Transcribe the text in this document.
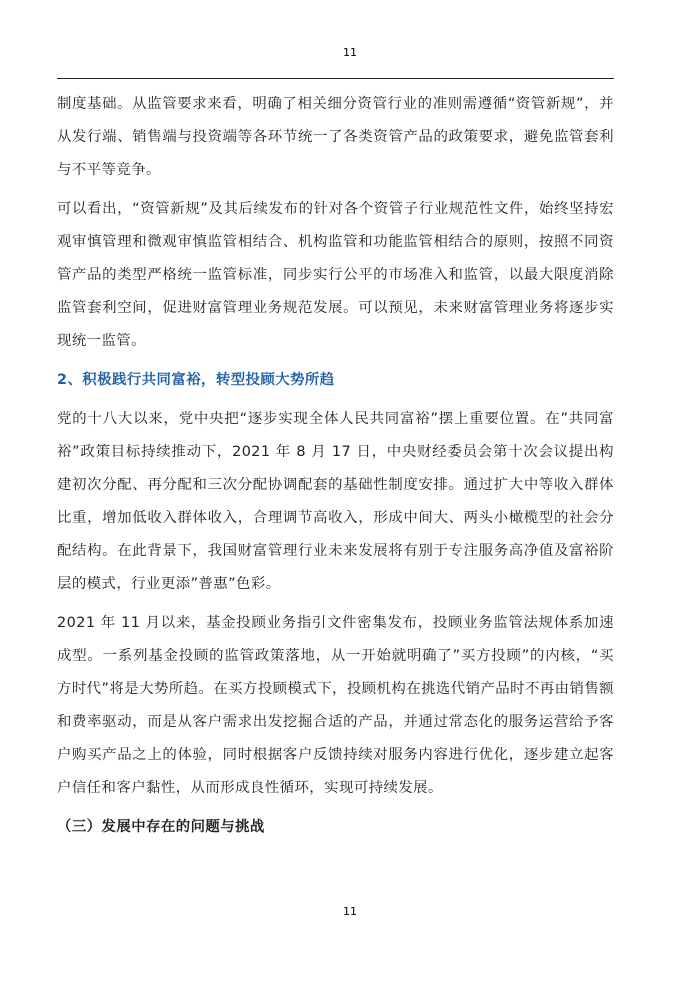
11

制度基础。从监管要求来看，明确了相关细分资管行业的准则需遵循“资管新规”，并从发行端、销售端与投资端等各环节统一了各类资管产品的政策要求，避免监管套利与不平等竞争。

可以看出，“资管新规”及其后续发布的针对各个资管子行业规范性文件，始终坚持宏观审慎管理和微观审慎监管相结合、机构监管和功能监管相结合的原则，按照不同资管产品的类型严格统一监管标准，同步实行公平的市场准入和监管，以最大限度消除监管套利空间，促进财富管理业务规范发展。可以预见，未来财富管理业务将逐步实现统一监管。

2、积极践行共同富裕，转型投顾大势所趋

党的十八大以来，党中央把“逐步实现全体人民共同富裕”摆上重要位置。在”共同富裕”政策目标持续推动下，2021 年 8 月 17 日，中央财经委员会第十次会议提出构建初次分配、再分配和三次分配协调配套的基础性制度安排。通过扩大中等收入群体比重，增加低收入群体收入，合理调节高收入，形成中间大、两头小橄榄型的社会分配结构。在此背景下，我国财富管理行业未来发展将有别于专注服务高净值及富裕阶层的模式，行业更添”普惠”色彩。

2021 年 11 月以来，基金投顾业务指引文件密集发布，投顾业务监管法规体系加速成型。一系列基金投顾的监管政策落地，从一开始就明确了”买方投顾”的内核，“买方时代”将是大势所趋。在买方投顾模式下，投顾机构在挑选代销产品时不再由销售额和费率驱动，而是从客户需求出发挖掘合适的产品，并通过常态化的服务运营给予客户购买产品之上的体验，同时根据客户反馈持续对服务内容进行优化，逐步建立起客户信任和客户黏性，从而形成良性循环，实现可持续发展。

（三）发展中存在的问题与挑战

11
